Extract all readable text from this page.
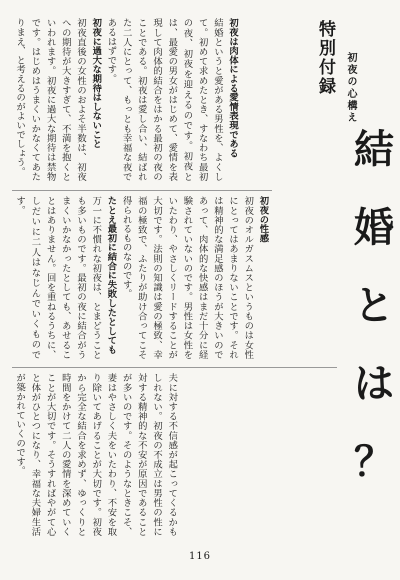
特別付録	初夜の心構え
結
婚
と
は
？
初夜は肉体による愛情表現である
結婚というと愛がある男性を、よくして。初めて求めたとき、すなわち最初の夜、初夜を迎えるのです。初夜とは、最愛の男女がはじめて、愛情を表現して肉体的結合をはかる最初の夜のことである。初夜は愛し合い、結ばれた二人にとって、もっとも幸福な夜であるはずです。
初夜に過大な期待はしないこと
初夜直後の女性のおよそ半数は、初夜への期待が大きすぎて、不満を抱くといわれます。初夜に過大な期待は禁物です。はじめはうまくいかなくてあたりまえ、と考えるのがよいでしょう。
初夜の性感
初夜のオルガスムスというものは女性にとってはあまりないことです。それは精神的な満足感のほうが大きいのであって、肉体的な快感はまだ十分に経験されていないのです。男性は女性をいたわり、やさしくリードすることが大切です。法則の知識は愛の極致、幸福の極致で、ふたりが助け合ってこそ得られるものなのです。
たとえ最初に結合に失敗したとしても
万一に不慣れな初夜は、とまどうことも多いものです。最初の夜に結合がうまくいかなかったとしても、あせることはありません。回を重ねるうちに、しだいに二人はなじんでいくものです。
夫に対する不信感が起こってくるかもしれない。初夜の不成立は男性の性に対する精神的な不安が原因であることが多いのです。そのようなときこそ、妻はやさしく夫をいたわり、不安を取り除いてあげることが大切です。初夜から完全な結合を求めず、ゆっくりと時間をかけて二人の愛情を深めていくことが大切です。そうすればやがて心と体がひとつになり、幸福な夫婦生活が築かれていくのです。
116
